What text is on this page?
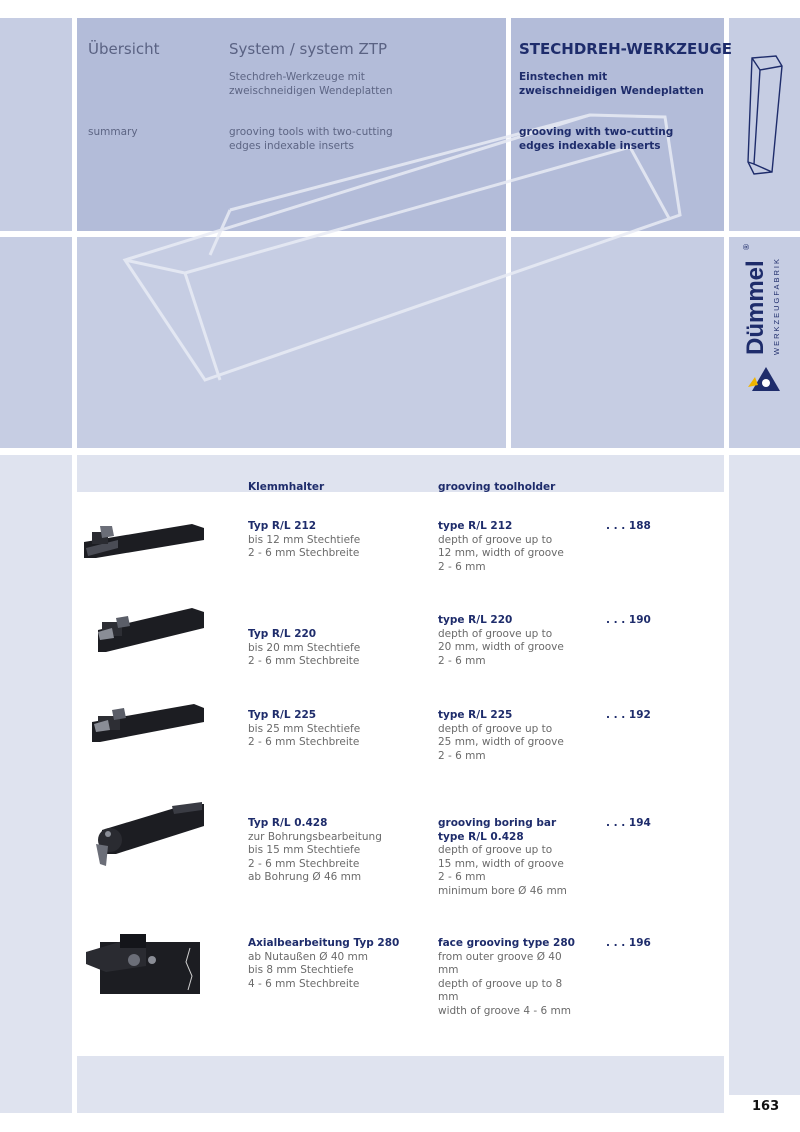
Übersicht
summary
System / system ZTP
Stechdreh-Werkzeuge mit
zweischneidigen Wendeplatten
grooving tools with two-cutting
edges indexable inserts
STECHDREH-WERKZEUGE
Einstechen mit
zweischneidigen Wendeplatten
grooving with two-cutting
edges indexable inserts
Dümmel
®
WERKZEUGFABRIK
Klemmhalter	grooving toolholder
Typ R/L 212
bis 12 mm Stechtiefe
2 - 6 mm Stechbreite
type R/L 212
depth of groove up to
12 mm, width of groove
2 - 6 mm
. . . 188
Typ R/L 220
bis 20 mm Stechtiefe
2 - 6 mm Stechbreite
type R/L 220
depth of groove up to
20 mm, width of groove
2 - 6 mm
. . . 190
Typ R/L 225
bis 25 mm Stechtiefe
2 - 6 mm Stechbreite
type R/L 225
depth of groove up to
25 mm, width of groove
2 - 6 mm
. . . 192
Typ R/L 0.428
zur Bohrungsbearbeitung
bis 15 mm Stechtiefe
2 - 6 mm Stechbreite
ab Bohrung Ø 46 mm
grooving boring bar
type R/L 0.428
depth of groove up to
15 mm, width of groove
2 - 6 mm
minimum bore Ø 46 mm
. . . 194
Axialbearbeitung Typ 280
ab Nutaußen Ø 40 mm
bis 8 mm Stechtiefe
4 - 6 mm Stechbreite
face grooving type 280
from outer groove Ø 40
mm
depth of groove up to 8
mm
width of groove 4 - 6 mm
. . . 196
163
